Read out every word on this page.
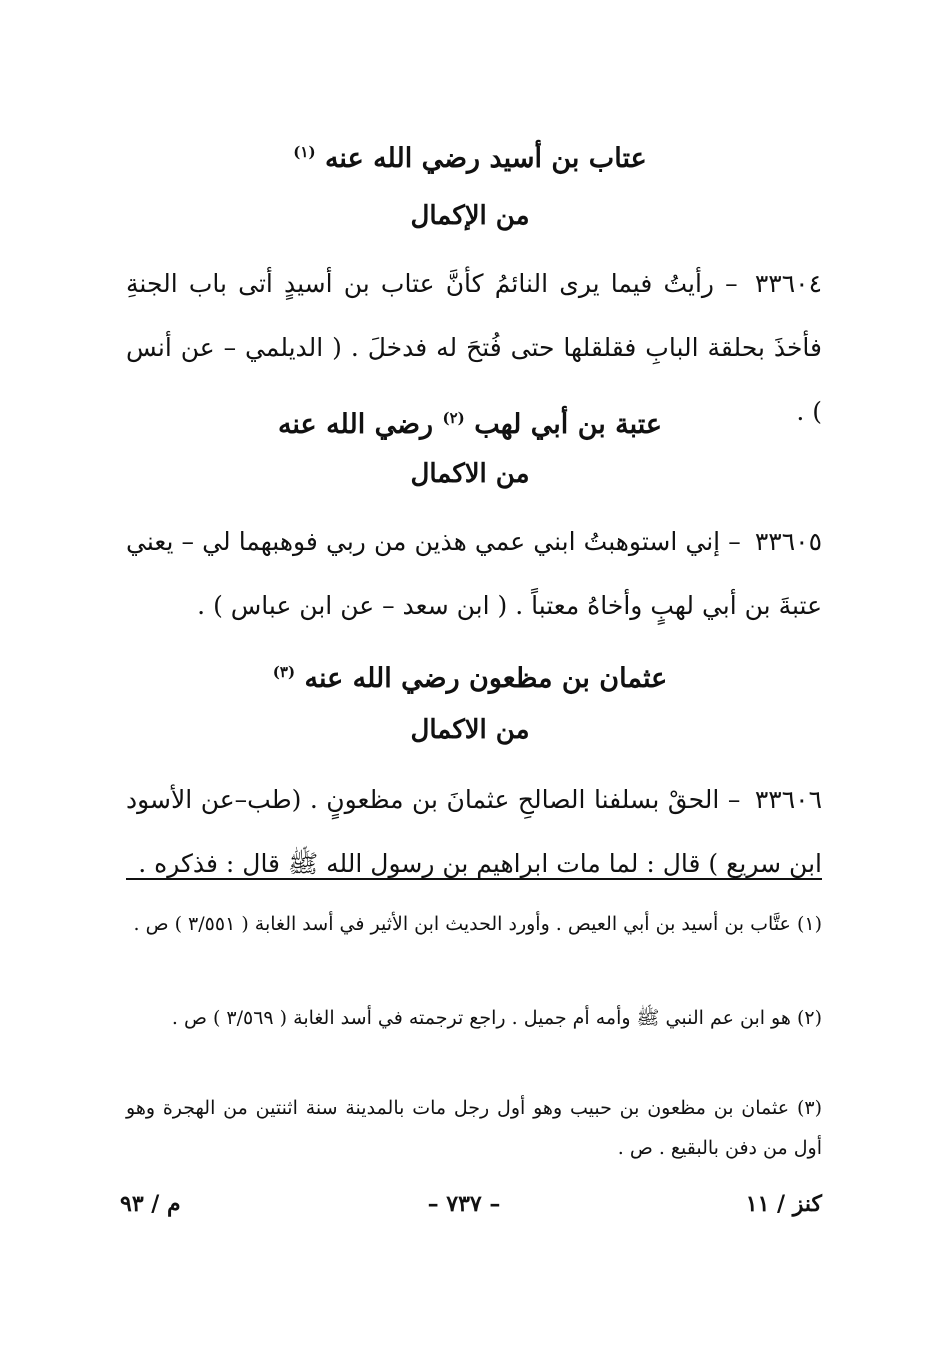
عتاب بن أسيد رضي الله عنه $^{(١)}$
من الإكمال
٣٣٦٠٤ – رأيتُ فيما يرى النائمُ كأنَّ عتاب بن أسيدٍ أتى باب الجنةِ فأخذَ بحلقة البابِ فقلقلها حتى فُتحَ له فدخلَ . ( الديلمي – عن أنس ) .
عتبة بن أبي لهب $^{(٢)}$ رضي الله عنه
من الاكمال
٣٣٦٠٥ – إني استوهبتُ ابني عمي هذين من ربي فوهبهما لي – يعني عتبةَ بن أبي لهبٍ وأخاهُ معتباً . ( ابن سعد – عن ابن عباس ) .
عثمان بن مظعون رضي الله عنه $^{(٣)}$
من الاكمال
٣٣٦٠٦ – الحقْ بسلفنا الصالحِ عثمانَ بن مظعونٍ . (طب–عن الأسود ابن سريع ) قال : لما مات ابراهيم بن رسول الله ﷺ قال : فذكره .
(١) عتَّاب بن أسيد بن أبي العيص . وأورد الحديث ابن الأثير في أسد الغابة ( ٣/٥٥١ ) ص .
(٢) هو ابن عم النبي ﷺ وأمه أم جميل . راجع ترجمته في أسد الغابة ( ٣/٥٦٩ ) ص .
(٣) عثمان بن مظعون بن حبيب وهو أول رجل مات بالمدينة سنة اثنتين من الهجرة وهو أول من دفن بالبقيع . ص .
كنز / ١١
– ٧٣٧ –
م / ٩٣
